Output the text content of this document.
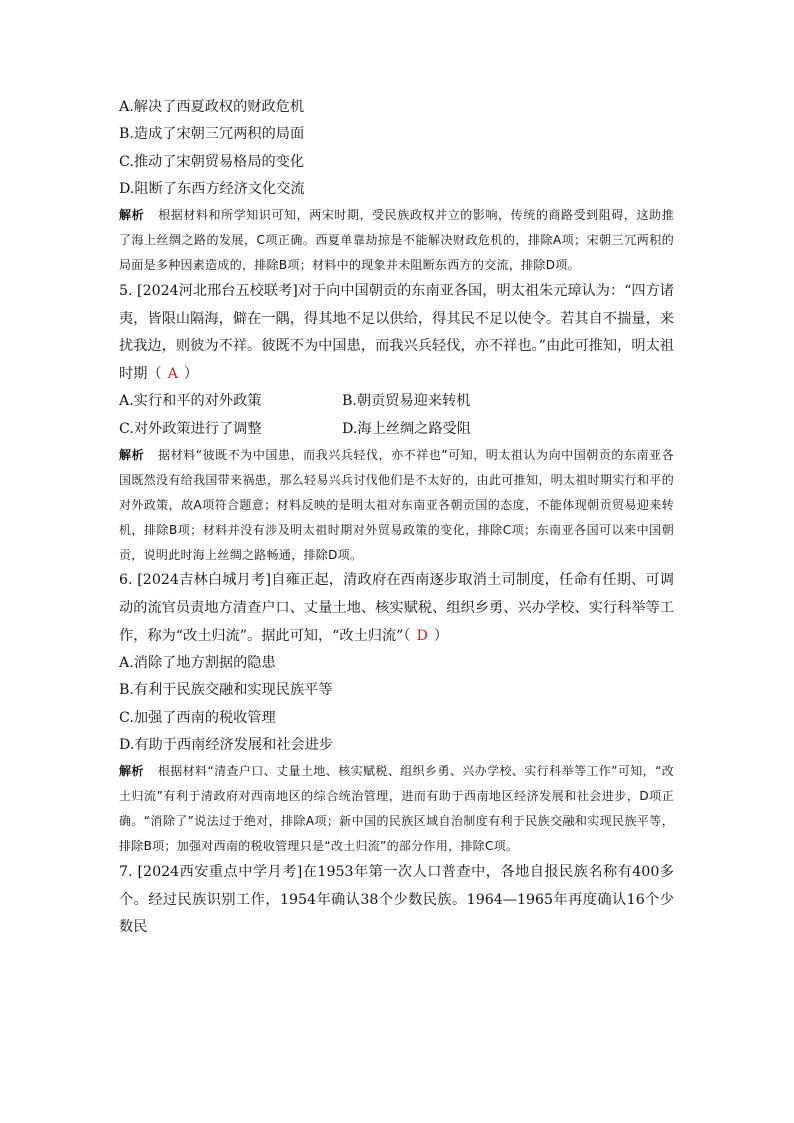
A.解决了西夏政权的财政危机
B.造成了宋朝三冗两积的局面
C.推动了宋朝贸易格局的变化
D.阻断了东西方经济文化交流
解析 根据材料和所学知识可知，两宋时期，受民族政权并立的影响，传统的商路受到阻碍，这助推了海上丝绸之路的发展，C项正确。西夏单靠劫掠是不能解决财政危机的，排除A项；宋朝三冗两积的局面是多种因素造成的，排除B项；材料中的现象并未阻断东西方的交流，排除D项。
5. [2024河北邢台五校联考]对于向中国朝贡的东南亚各国，明太祖朱元璋认为：“四方诸夷，皆限山隔海，僻在一隅，得其地不足以供给，得其民不足以使令。若其自不揣量，来扰我边，则彼为不祥。彼既不为中国患，而我兴兵轻伐，亦不祥也。”由此可推知，明太祖时期（ A ）
A.实行和平的对外政策	B.朝贡贸易迎来转机
C.对外政策进行了调整	D.海上丝绸之路受阻
解析 据材料“彼既不为中国患，而我兴兵轻伐，亦不祥也”可知，明太祖认为向中国朝贡的东南亚各国既然没有给我国带来祸患，那么轻易兴兵讨伐他们是不太好的，由此可推知，明太祖时期实行和平的对外政策，故A项符合题意；材料反映的是明太祖对东南亚各朝贡国的态度，不能体现朝贡贸易迎来转机，排除B项；材料并没有涉及明太祖时期对外贸易政策的变化，排除C项；东南亚各国可以来中国朝贡，说明此时海上丝绸之路畅通，排除D项。
6. [2024吉林白城月考]自雍正起，清政府在西南逐步取消土司制度，任命有任期、可调动的流官员责地方清查户口、丈量土地、核实赋税、组织乡勇、兴办学校、实行科举等工作，称为“改土归流”。据此可知，“改土归流”（ D ）
A.消除了地方割据的隐患
B.有利于民族交融和实现民族平等
C.加强了西南的税收管理
D.有助于西南经济发展和社会进步
解析 根据材料“清查户口、丈量土地、核实赋税、组织乡勇、兴办学校、实行科举等工作”可知，“改土归流”有利于清政府对西南地区的综合统治管理，进而有助于西南地区经济发展和社会进步，D项正确。“消除了”说法过于绝对，排除A项；新中国的民族区域自治制度有利于民族交融和实现民族平等，排除B项；加强对西南的税收管理只是“改土归流”的部分作用，排除C项。
7. [2024西安重点中学月考]在1953年第一次人口普查中，各地自报民族名称有400多个。经过民族识别工作，1954年确认38个少数民族。1964—1965年再度确认16个少数民
